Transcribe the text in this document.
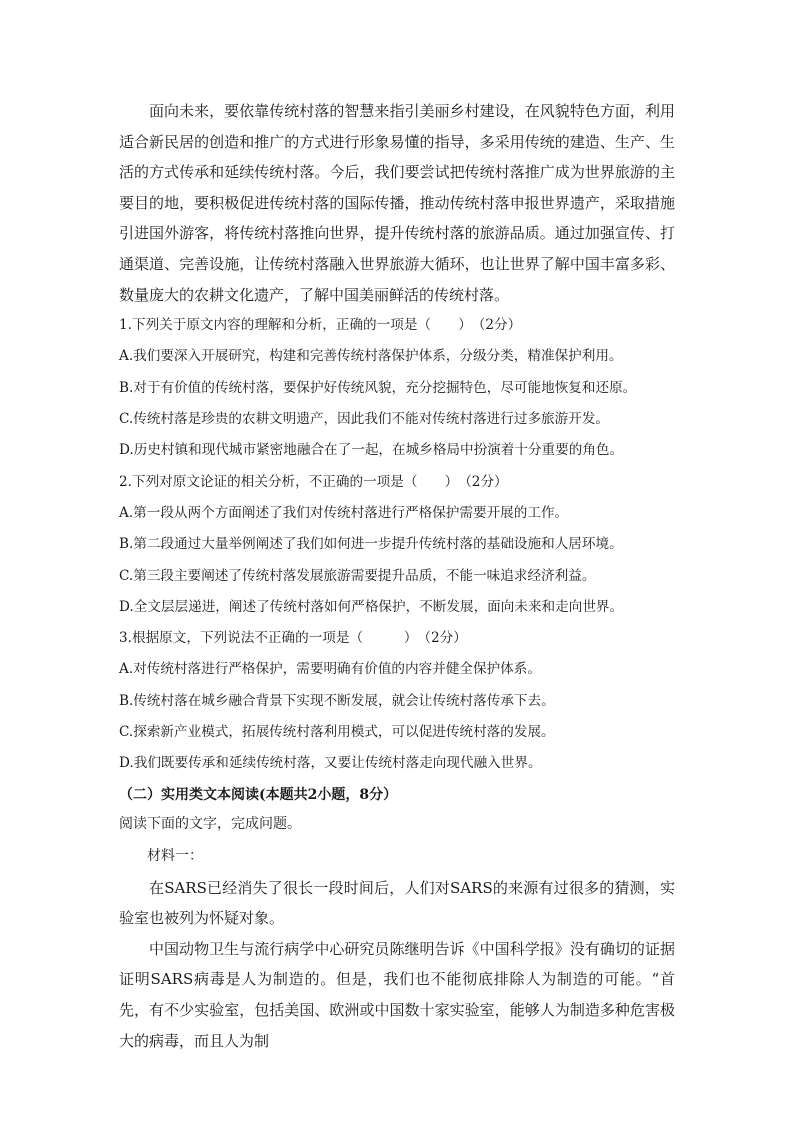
面向未来，要依靠传统村落的智慧来指引美丽乡村建设，在风貌特色方面，利用适合新民居的创造和推广的方式进行形象易懂的指导，多采用传统的建造、生产、生活的方式传承和延续传统村落。今后，我们要尝试把传统村落推广成为世界旅游的主要目的地，要积极促进传统村落的国际传播，推动传统村落申报世界遗产，采取措施引进国外游客，将传统村落推向世界，提升传统村落的旅游品质。通过加强宣传、打通渠道、完善设施，让传统村落融入世界旅游大循环，也让世界了解中国丰富多彩、数量庞大的农耕文化遗产，了解中国美丽鲜活的传统村落。

1.下列关于原文内容的理解和分析，正确的一项是（　　）　（2分）

A.我们要深入开展研究，构建和完善传统村落保护体系，分级分类，精准保护利用。

B.对于有价值的传统村落，要保护好传统风貌，充分挖掘特色，尽可能地恢复和还原。

C.传统村落是珍贵的农耕文明遗产，因此我们不能对传统村落进行过多旅游开发。

D.历史村镇和现代城市紧密地融合在了一起，在城乡格局中扮演着十分重要的角色。

2.下列对原文论证的相关分析，不正确的一项是（　　）　（2分）

A.第一段从两个方面阐述了我们对传统村落进行严格保护需要开展的工作。

B.第二段通过大量举例阐述了我们如何进一步提升传统村落的基础设施和人居环境。

C.第三段主要阐述了传统村落发展旅游需要提升品质，不能一味追求经济利益。

D.全文层层递进，阐述了传统村落如何严格保护，不断发展，面向未来和走向世界。

3.根据原文，下列说法不正确的一项是（　　　）　（2分）

A.对传统村落进行严格保护，需要明确有价值的内容并健全保护体系。

B.传统村落在城乡融合背景下实现不断发展，就会让传统村落传承下去。

C.探索新产业模式，拓展传统村落利用模式，可以促进传统村落的发展。

D.我们既要传承和延续传统村落，又要让传统村落走向现代融入世界。

（二）实用类文本阅读(本题共2小题，8分）

阅读下面的文字，完成问题。

材料一：

在SARS已经消失了很长一段时间后，人们对SARS的来源有过很多的猜测，实验室也被列为怀疑对象。

中国动物卫生与流行病学中心研究员陈继明告诉《中国科学报》没有确切的证据证明SARS病毒是人为制造的。但是，我们也不能彻底排除人为制造的可能。“首先，有不少实验室，包括美国、欧洲或中国数十家实验室，能够人为制造多种危害极大的病毒，而且人为制
